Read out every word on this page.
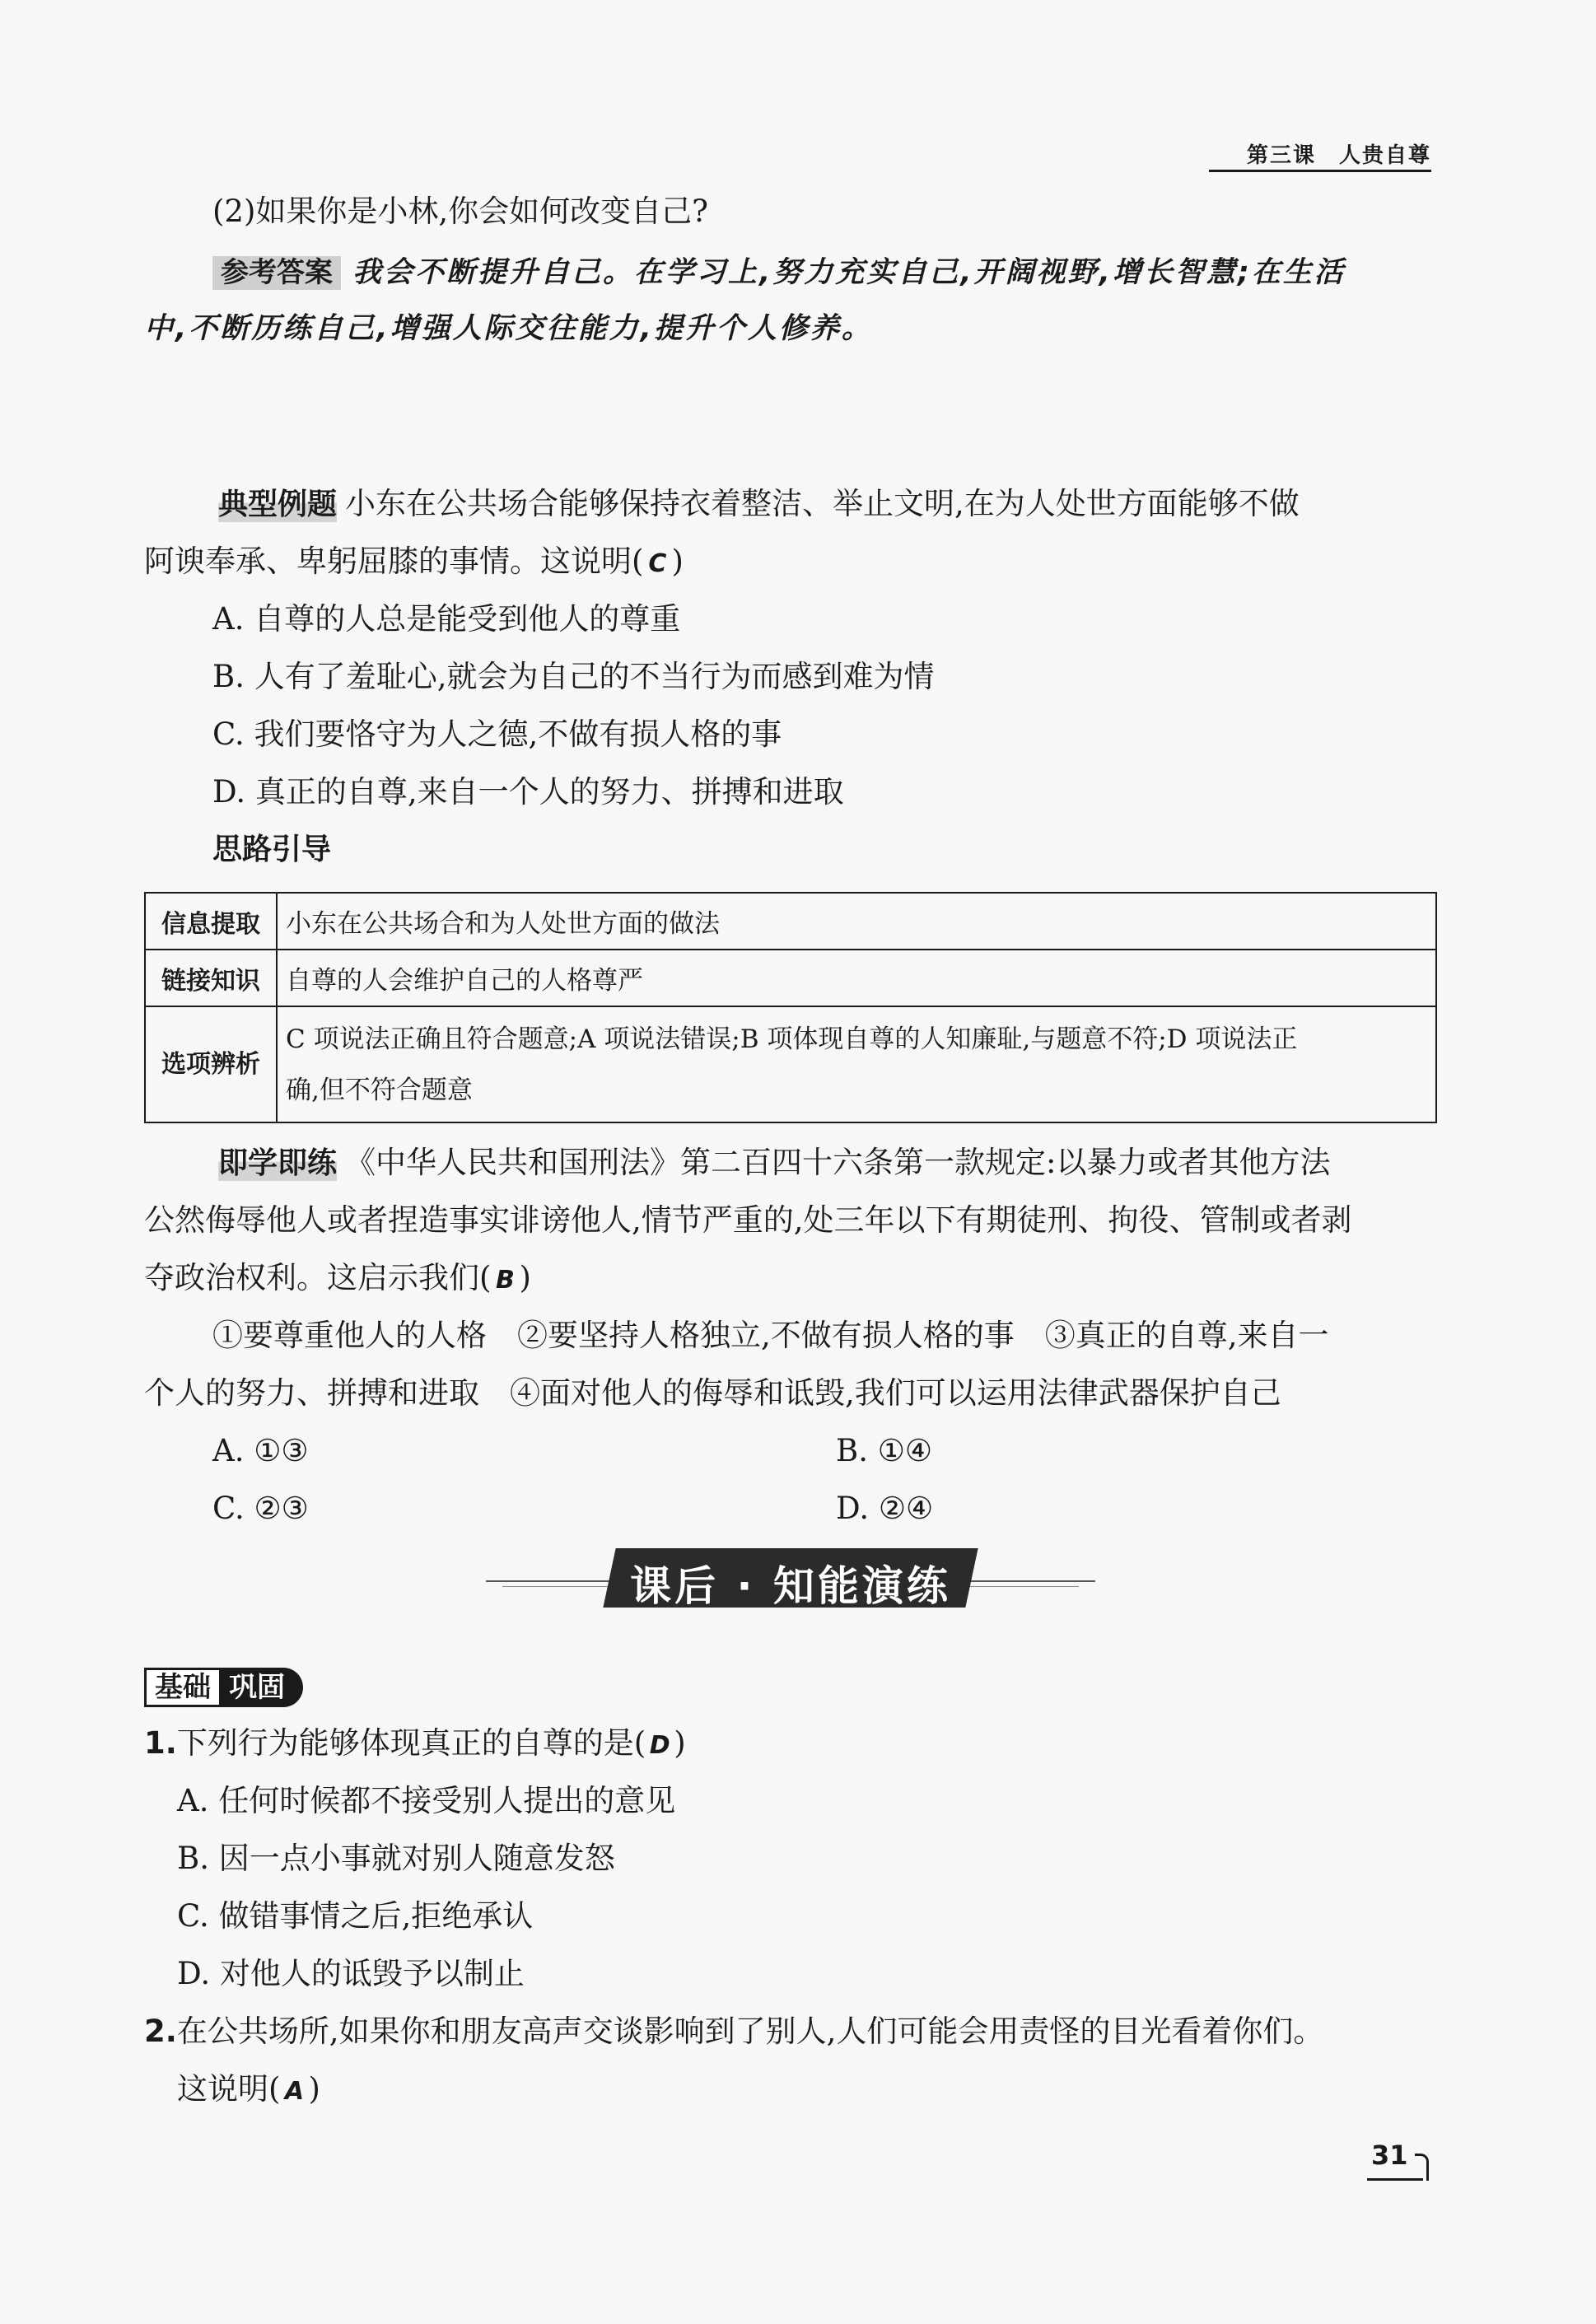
第三课　人贵自尊
(2)如果你是小林,你会如何改变自己?
参考答案 我会不断提升自己。在学习上,努力充实自己,开阔视野,增长智慧;在生活
中,不断历练自己,增强人际交往能力,提升个人修养。
典型例题 小东在公共场合能够保持衣着整洁、举止文明,在为人处世方面能够不做
阿谀奉承、卑躬屈膝的事情。这说明( C )
A. 自尊的人总是能受到他人的尊重
B. 人有了羞耻心,就会为自己的不当行为而感到难为情
C. 我们要恪守为人之德,不做有损人格的事
D. 真正的自尊,来自一个人的努力、拼搏和进取
思路引导
信息提取	小东在公共场合和为人处世方面的做法
链接知识	自尊的人会维护自己的人格尊严
选项辨析	C 项说法正确且符合题意;A 项说法错误;B 项体现自尊的人知廉耻,与题意不符;D 项说法正
确,但不符合题意
即学即练 《中华人民共和国刑法》第二百四十六条第一款规定:以暴力或者其他方法
公然侮辱他人或者捏造事实诽谤他人,情节严重的,处三年以下有期徒刑、拘役、管制或者剥
夺政治权利。这启示我们( B )
①要尊重他人的人格　②要坚持人格独立,不做有损人格的事　③真正的自尊,来自一
个人的努力、拼搏和进取　④面对他人的侮辱和诋毁,我们可以运用法律武器保护自己
A. ①③	B. ①④
C. ②③	D. ②④
课后 · 知能演练
基础 巩固
1.下列行为能够体现真正的自尊的是( D )
A. 任何时候都不接受别人提出的意见
B. 因一点小事就对别人随意发怒
C. 做错事情之后,拒绝承认
D. 对他人的诋毁予以制止
2.在公共场所,如果你和朋友高声交谈影响到了别人,人们可能会用责怪的目光看着你们。
这说明( A )
31
